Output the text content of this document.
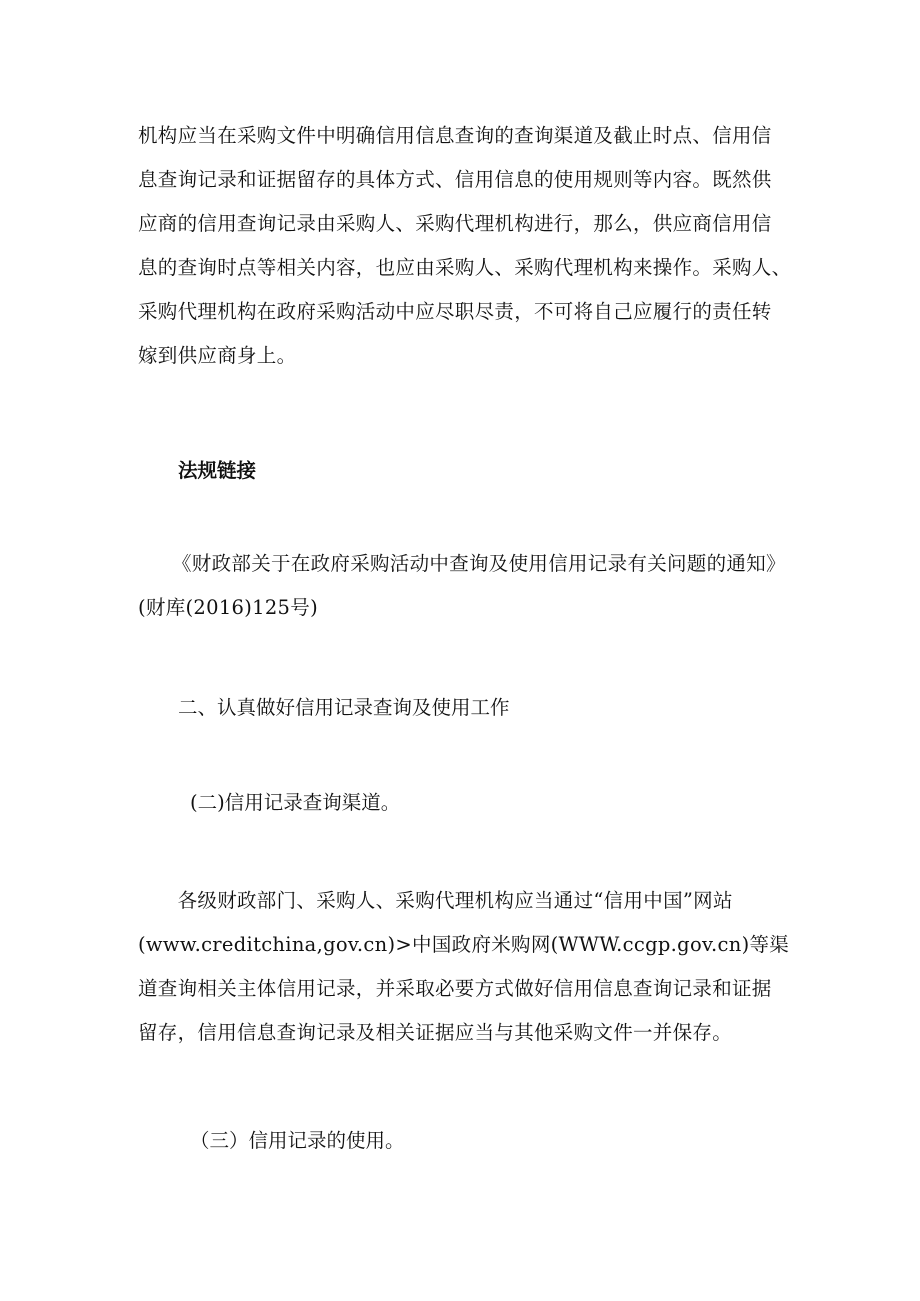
机构应当在采购文件中明确信用信息查询的查询渠道及截止时点、信用信
息查询记录和证据留存的具体方式、信用信息的使用规则等内容。既然供
应商的信用查询记录由采购人、采购代理机构进行，那么，供应商信用信
息的查询时点等相关内容，也应由采购人、采购代理机构来操作。采购人、
采购代理机构在政府采购活动中应尽职尽责，不可将自己应履行的责任转
嫁到供应商身上。
法规链接
《财政部关于在政府采购活动中查询及使用信用记录有关问题的通知》
(财库(2016)125号)
二、认真做好信用记录查询及使用工作
(二)信用记录查询渠道。
　　各级财政部门、采购人、采购代理机构应当通过“信用中国”网站
(www.creditchina,gov.cn)>中国政府米购网(WWW.ccgp.gov.cn)等渠
道查询相关主体信用记录，并采取必要方式做好信用信息查询记录和证据
留存，信用信息查询记录及相关证据应当与其他采购文件一并保存。
（三）信用记录的使用。
